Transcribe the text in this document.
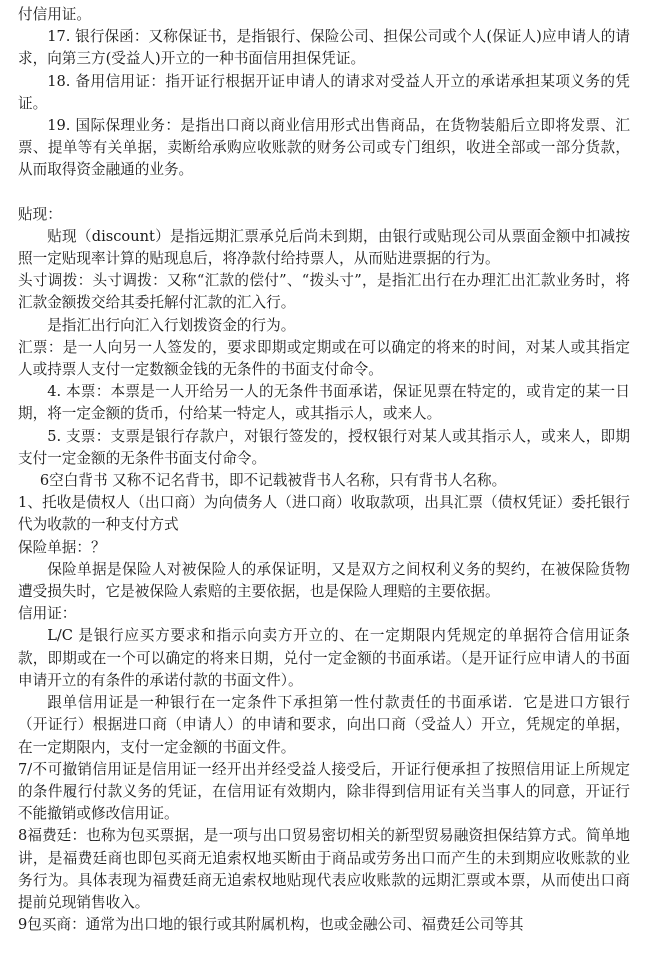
付信用证。

17. 银行保函：又称保证书，是指银行、保险公司、担保公司或个人(保证人)应申请人的请求，向第三方(受益人)开立的一种书面信用担保凭证。

18. 备用信用证：指开证行根据开证申请人的请求对受益人开立的承诺承担某项义务的凭证。

19. 国际保理业务：是指出口商以商业信用形式出售商品，在货物装船后立即将发票、汇票、提单等有关单据，卖断给承购应收账款的财务公司或专门组织，收进全部或一部分货款，从而取得资金融通的业务。

贴现：

贴现（discount）是指远期汇票承兑后尚未到期，由银行或贴现公司从票面金额中扣减按照一定贴现率计算的贴现息后，将净款付给持票人，从而贴进票据的行为。

头寸调拨：头寸调拨：又称“汇款的偿付”、“拨头寸”，是指汇出行在办理汇出汇款业务时，将汇款金额拨交给其委托解付汇款的汇入行。

是指汇出行向汇入行划拨资金的行为。

汇票：是一人向另一人签发的，要求即期或定期或在可以确定的将来的时间，对某人或其指定人或持票人支付一定数额金钱的无条件的书面支付命令。

4. 本票：本票是一人开给另一人的无条件书面承诺，保证见票在特定的，或肯定的某一日期，将一定金额的货币，付给某一特定人，或其指示人，或来人。

5. 支票：支票是银行存款户，对银行签发的，授权银行对某人或其指示人，或来人，即期支付一定金额的无条件书面支付命令。

6空白背书 又称不记名背书，即不记载被背书人名称，只有背书人名称。

1、托收是债权人（出口商）为向债务人（进口商）收取款项，出具汇票（债权凭证）委托银行代为收款的一种支付方式

保险单据：？

保险单据是保险人对被保险人的承保证明，又是双方之间权利义务的契约，在被保险货物遭受损失时，它是被保险人索赔的主要依据，也是保险人理赔的主要依据。

信用证：

L/C 是银行应买方要求和指示向卖方开立的、在一定期限内凭规定的单据符合信用证条款，即期或在一个可以确定的将来日期，兑付一定金额的书面承诺。（是开证行应申请人的书面申请开立的有条件的承诺付款的书面文件）。

跟单信用证是一种银行在一定条件下承担第一性付款责任的书面承诺．它是进口方银行（开证行）根据进口商（申请人）的申请和要求，向出口商（受益人）开立，凭规定的单据，在一定期限内，支付一定金额的书面文件。

7/不可撤销信用证是信用证一经开出并经受益人接受后，开证行便承担了按照信用证上所规定的条件履行付款义务的凭证，在信用证有效期内，除非得到信用证有关当事人的同意，开证行不能撤销或修改信用证。

8福费廷：也称为包买票据，是一项与出口贸易密切相关的新型贸易融资担保结算方式。简单地讲，是福费廷商也即包买商无追索权地买断由于商品或劳务出口而产生的未到期应收账款的业务行为。具体表现为福费廷商无追索权地贴现代表应收账款的远期汇票或本票，从而使出口商提前兑现销售收入。

9包买商：通常为出口地的银行或其附属机构，也或金融公司、福费廷公司等其
